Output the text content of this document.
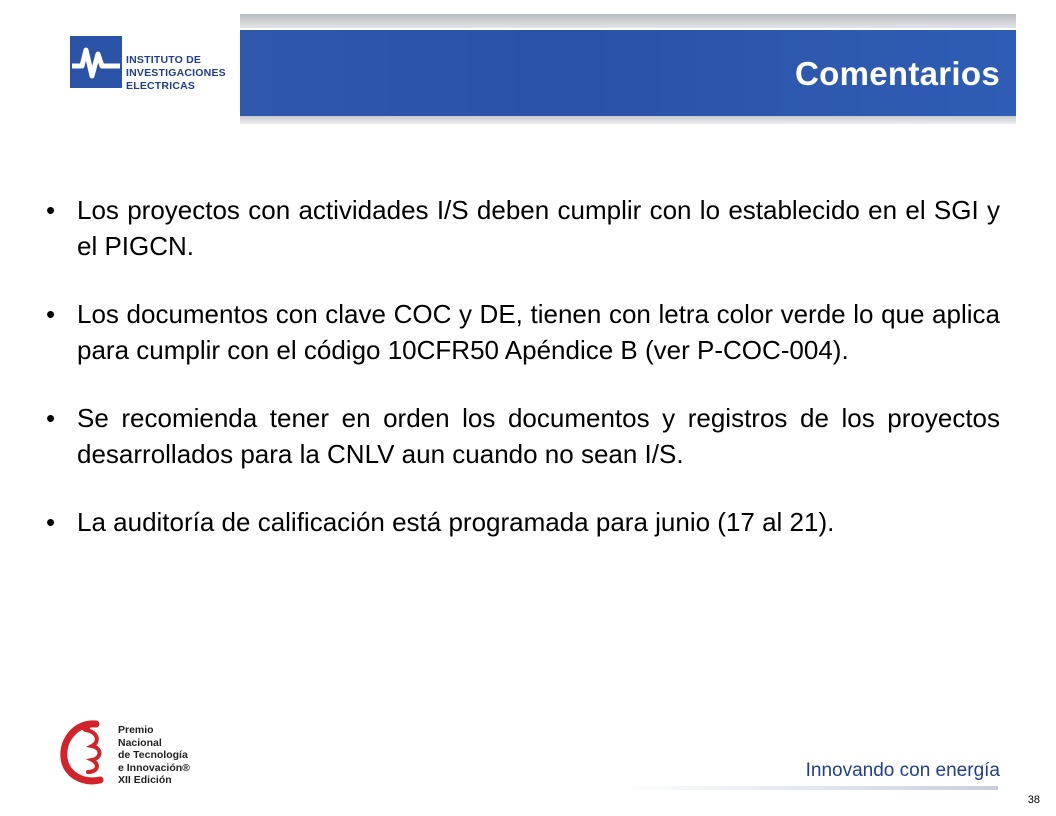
INSTITUTO DE
INVESTIGACIONES
ELECTRICAS	Comentarios
• Los proyectos con actividades I/S deben cumplir con lo establecido en el SGI y el PIGCN.
• Los documentos con clave COC y DE, tienen con letra color verde lo que aplica para cumplir con el código 10CFR50 Apéndice B (ver P-COC-004).
• Se recomienda tener en orden los documentos y registros de los proyectos desarrollados para la CNLV aun cuando no sean I/S.
• La auditoría de calificación está programada para junio (17 al 21).
Premio
Nacional
de Tecnología
e Innovación®
XII Edición	Innovando con energía
38
